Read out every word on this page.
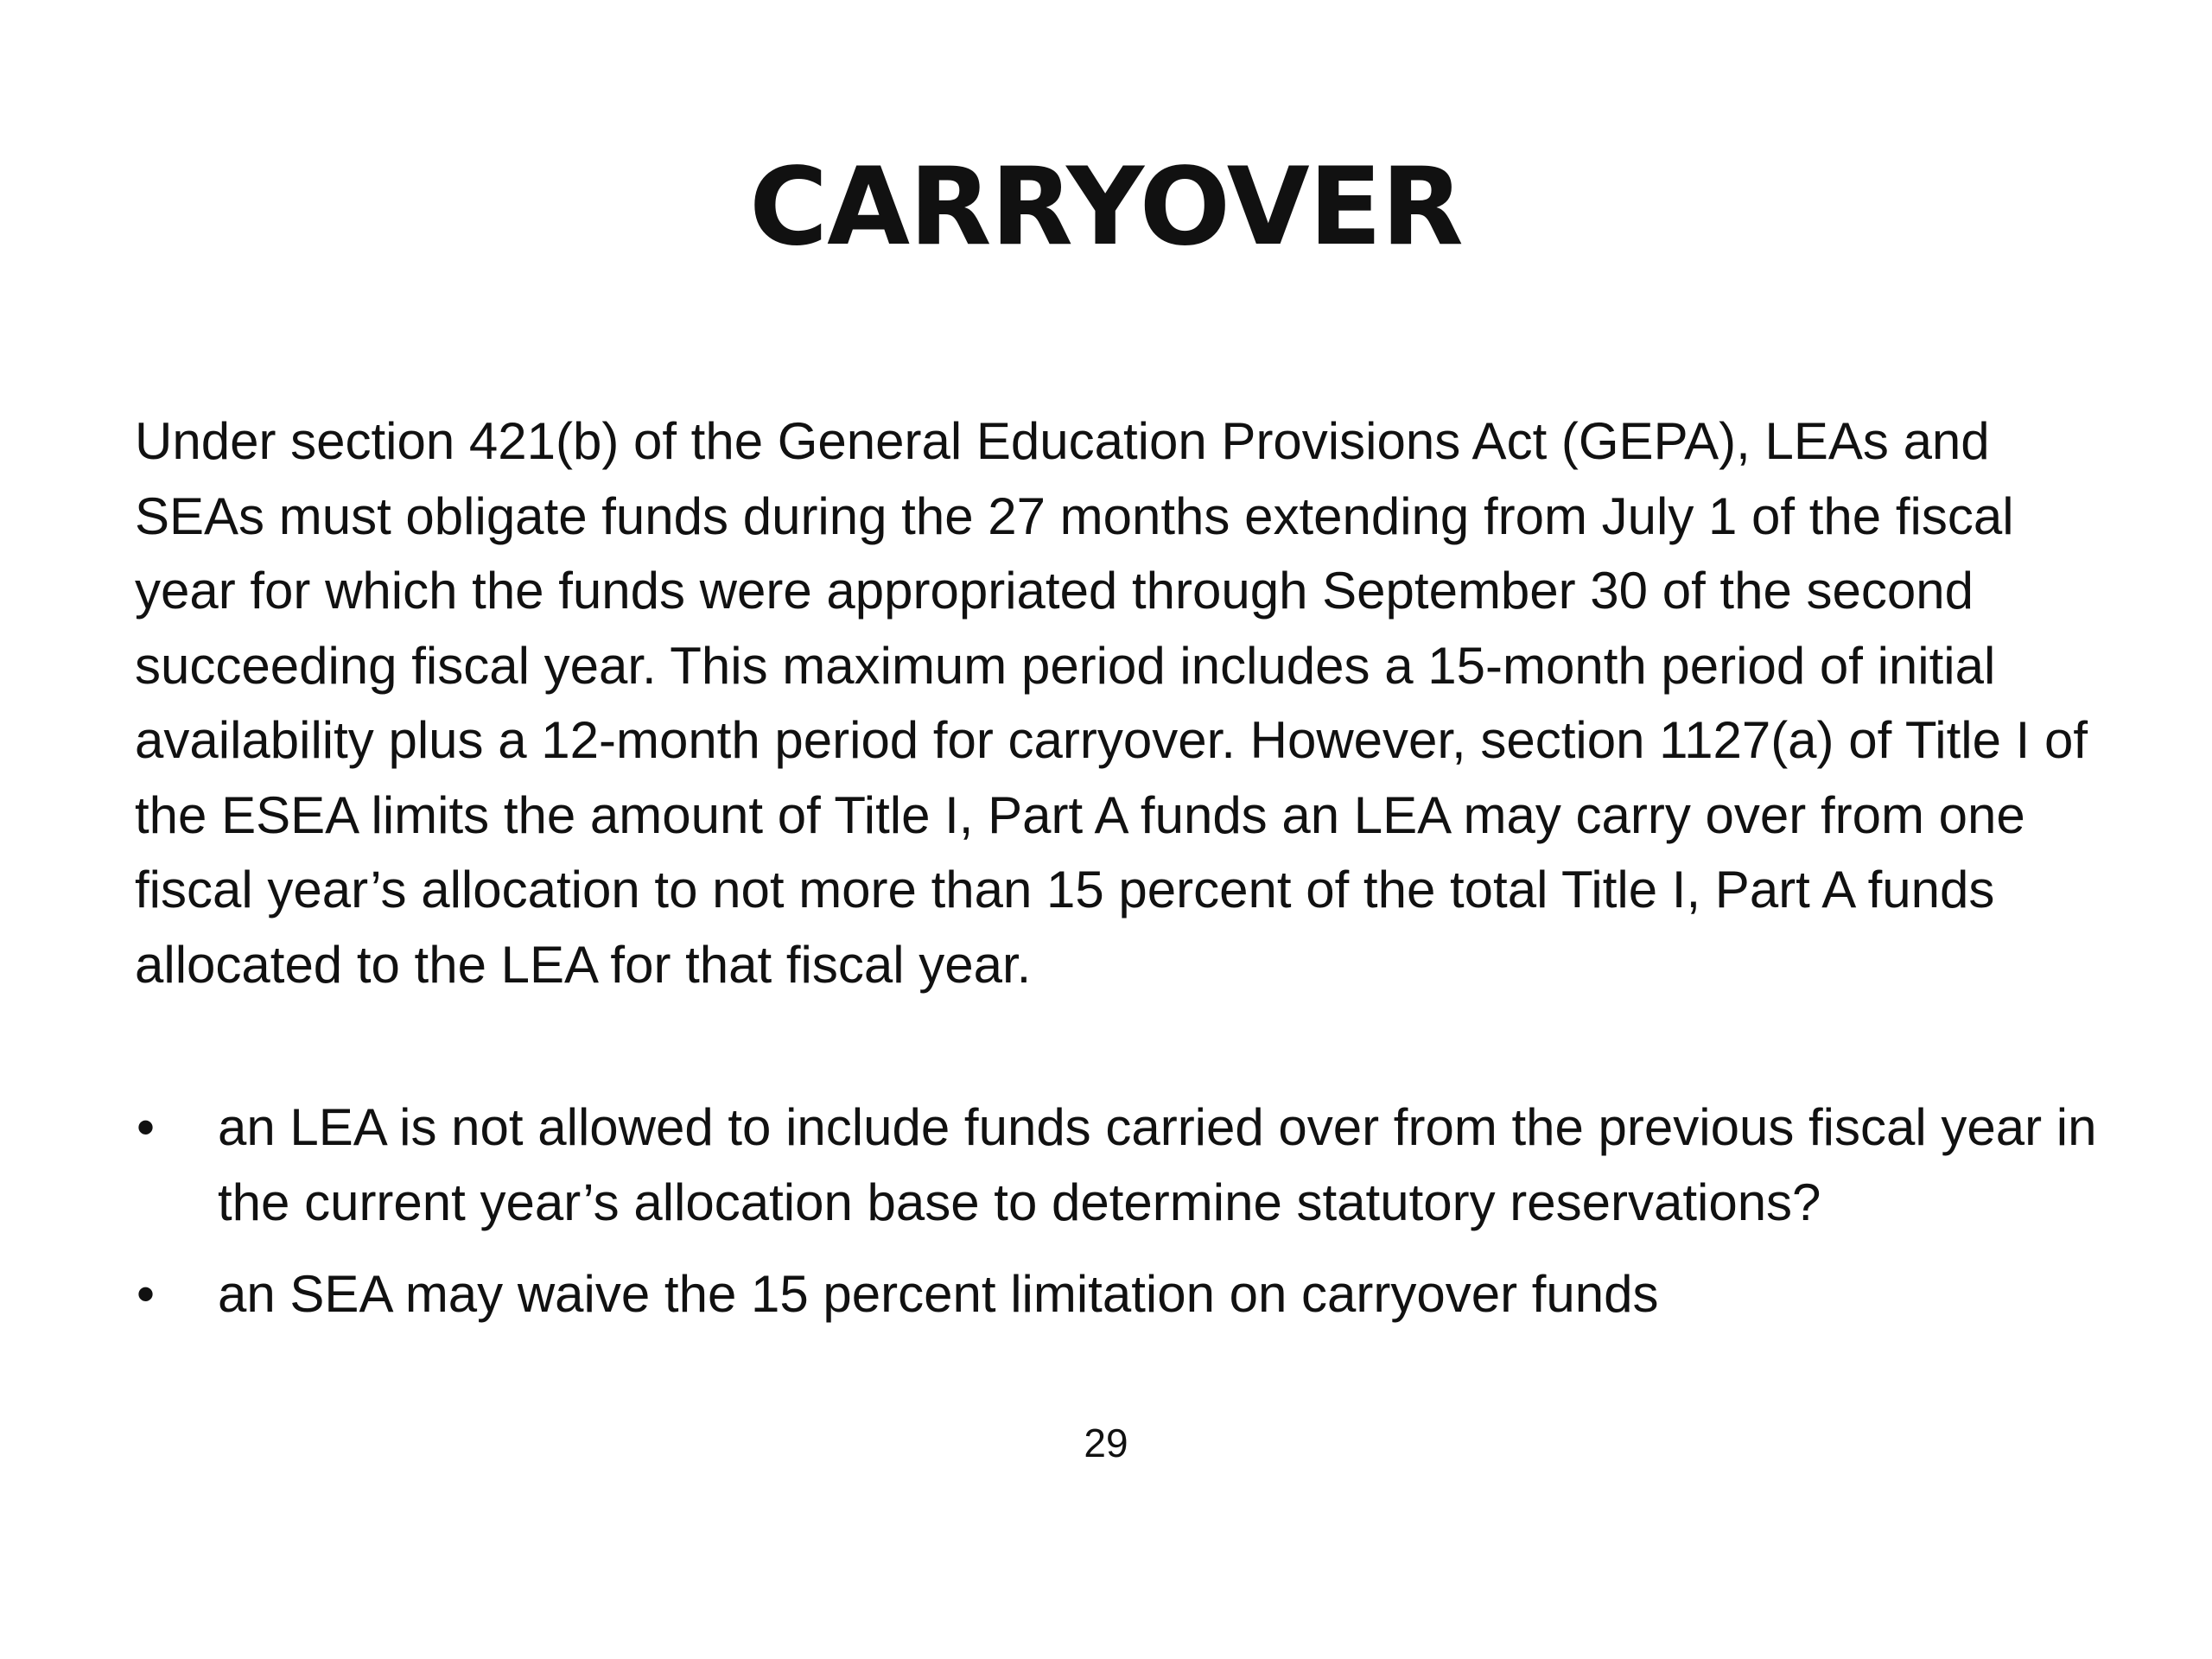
CARRYOVER

Under section 421(b) of the General Education Provisions Act (GEPA), LEAs and SEAs must obligate funds during the 27 months extending from July 1 of the fiscal year for which the funds were appropriated through September 30 of the second succeeding fiscal year. This maximum period includes a 15-month period of initial availability plus a 12-month period for carryover. However, section 1127(a) of Title I of the ESEA limits the amount of Title I, Part A funds an LEA may carry over from one fiscal year’s allocation to not more than 15 percent of the total Title I, Part A funds allocated to the LEA for that fiscal year.

•	an LEA is not allowed to include funds carried over from the previous fiscal year in the current year’s allocation base to determine statutory reservations?
•	an SEA may waive the 15 percent limitation on carryover funds
29
